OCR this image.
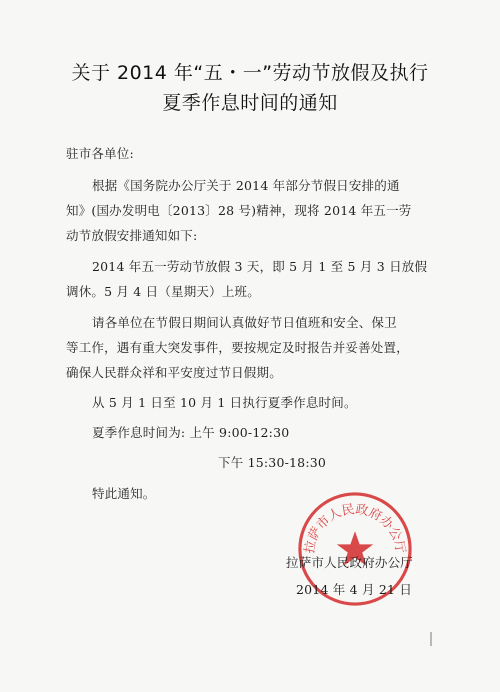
关于 2014 年“五・一”劳动节放假及执行
夏季作息时间的通知
驻市各单位:
根据《国务院办公厅关于 2014 年部分节假日安排的通
知》(国办发明电〔2013〕28 号)精神，现将 2014 年五一劳
动节放假安排通知如下:
2014 年五一劳动节放假 3 天，即 5 月 1 至 5 月 3 日放假
调休。5 月 4 日（星期天）上班。
请各单位在节假日期间认真做好节日值班和安全、保卫
等工作，遇有重大突发事件，要按规定及时报告并妥善处置，
确保人民群众祥和平安度过节日假期。
从 5 月 1 日至 10 月 1 日执行夏季作息时间。
夏季作息时间为: 上午 9:00-12:30
下午 15:30-18:30
特此通知。
拉萨市人民政府办公厅
拉萨市人民政府办公厅
2014 年 4 月 21 日
